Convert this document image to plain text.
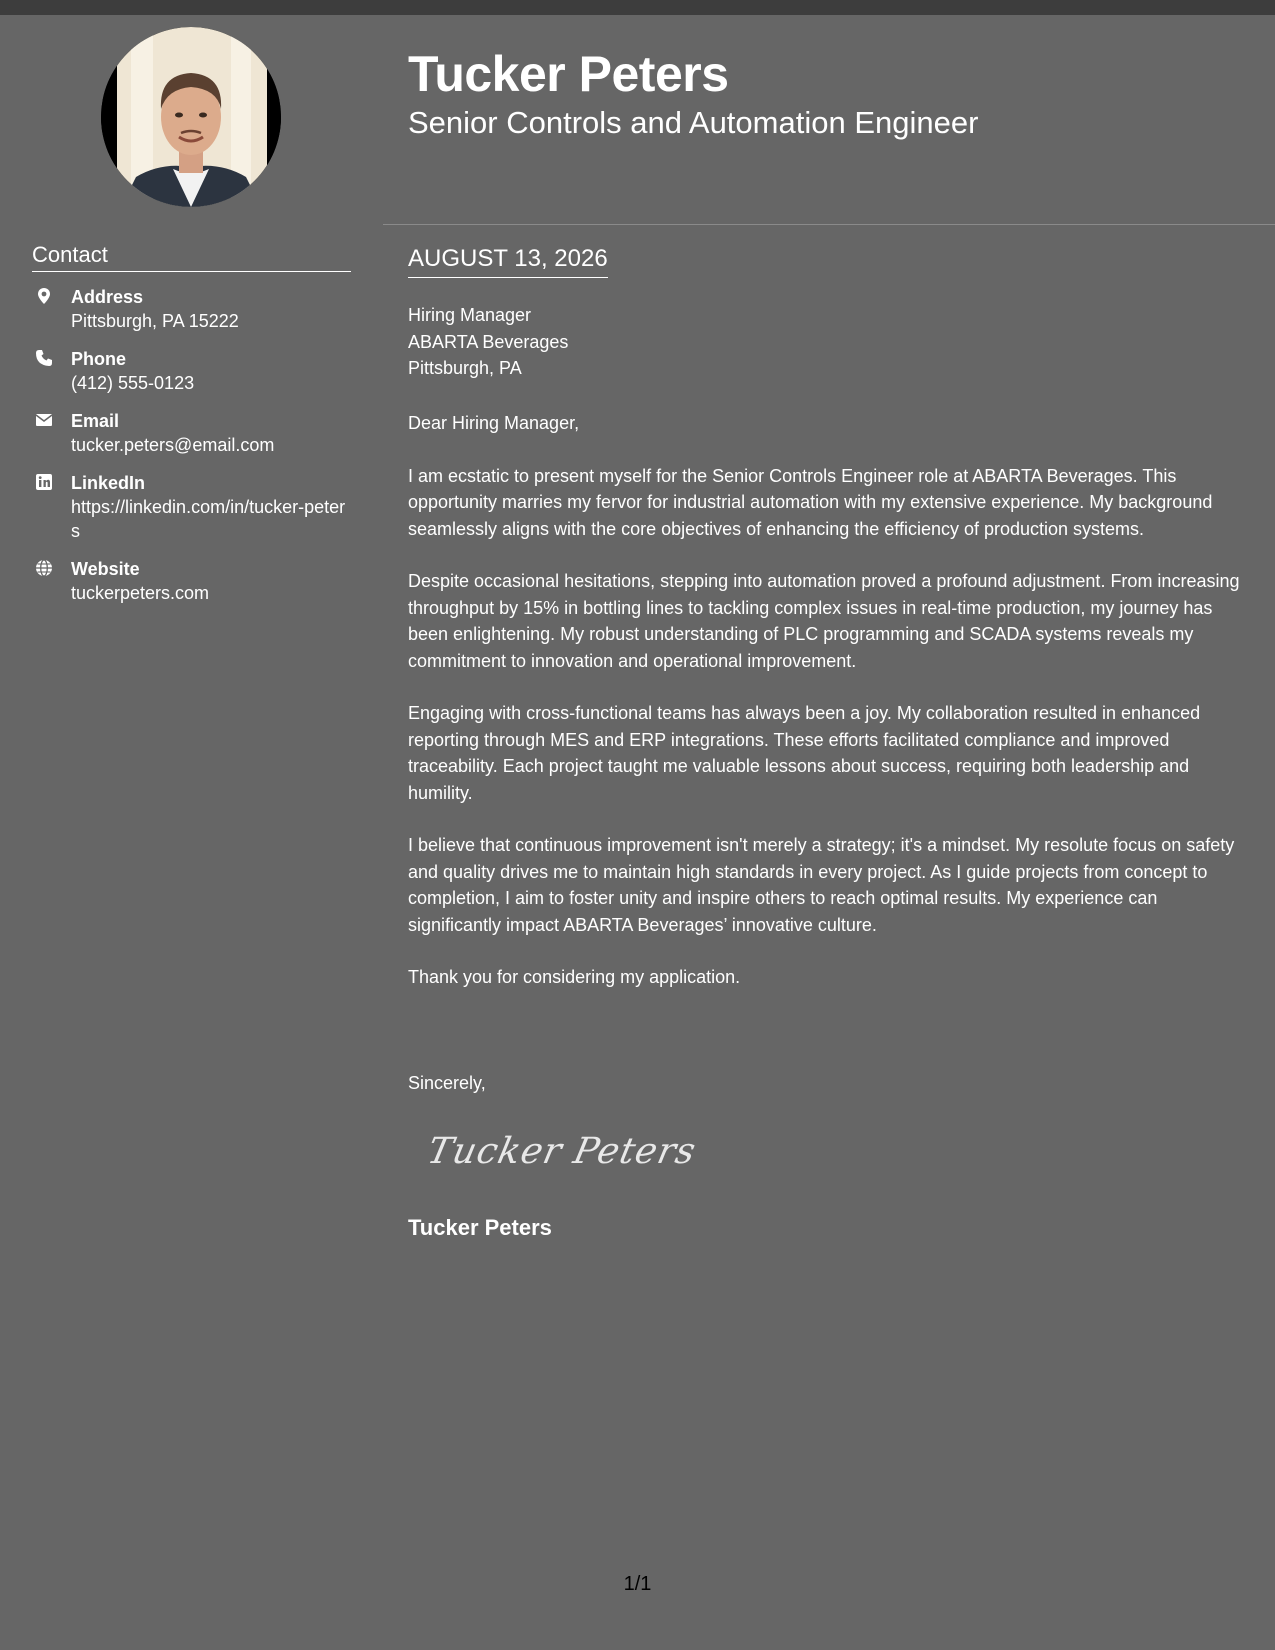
Tucker Peters
Senior Controls and Automation Engineer
Contact
Address
Pittsburgh, PA 15222
Phone
(412) 555-0123
Email
tucker.peters@email.com
LinkedIn
https://linkedin.com/in/tucker-peters
Website
tuckerpeters.com
AUGUST 13, 2026
Hiring Manager
ABARTA Beverages
Pittsburgh, PA

Dear Hiring Manager,

I am ecstatic to present myself for the Senior Controls Engineer role at ABARTA Beverages. This opportunity marries my fervor for industrial automation with my extensive experience. My background seamlessly aligns with the core objectives of enhancing the efficiency of production systems.

Despite occasional hesitations, stepping into automation proved a profound adjustment. From increasing throughput by 15% in bottling lines to tackling complex issues in real-time production, my journey has been enlightening. My robust understanding of PLC programming and SCADA systems reveals my commitment to innovation and operational improvement.

Engaging with cross-functional teams has always been a joy. My collaboration resulted in enhanced reporting through MES and ERP integrations. These efforts facilitated compliance and improved traceability. Each project taught me valuable lessons about success, requiring both leadership and humility.

I believe that continuous improvement isn't merely a strategy; it's a mindset. My resolute focus on safety and quality drives me to maintain high standards in every project. As I guide projects from concept to completion, I aim to foster unity and inspire others to reach optimal results. My experience can significantly impact ABARTA Beverages’ innovative culture.

Thank you for considering my application.

Sincerely,
Tucker Peters
Tucker Peters
1/1
